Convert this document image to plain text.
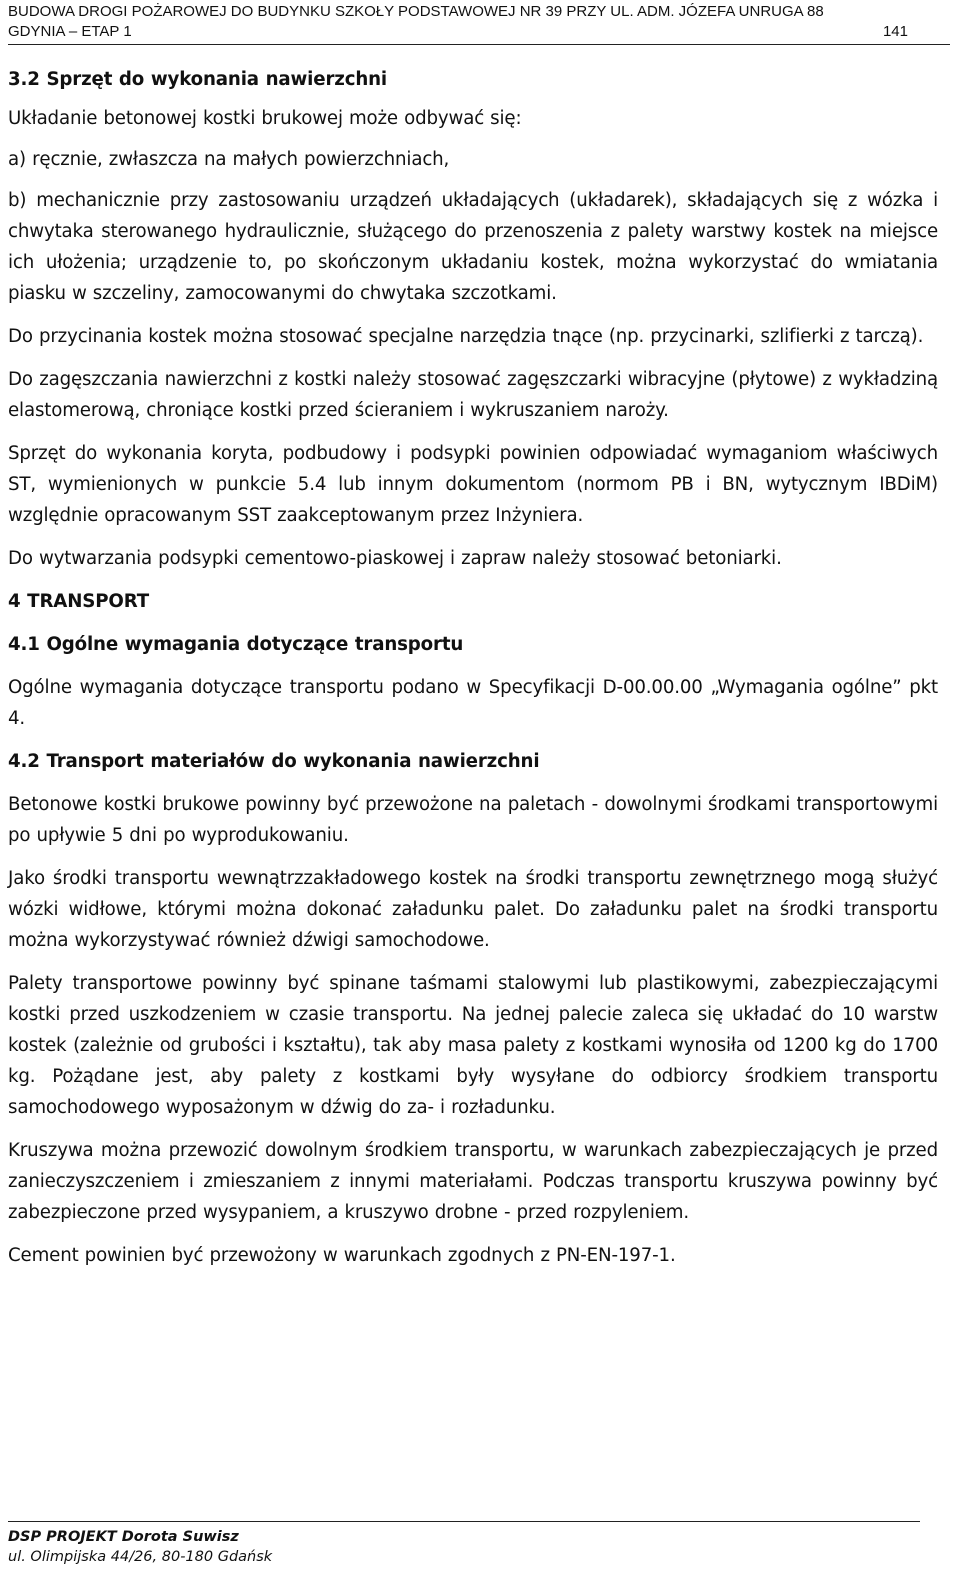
BUDOWA DROGI POŻAROWEJ DO BUDYNKU SZKOŁY PODSTAWOWEJ NR 39 PRZY UL. ADM. JÓZEFA UNRUGA 88
GDYNIA – ETAP 1	141
3.2 Sprzęt do wykonania nawierzchni

Układanie betonowej kostki brukowej może odbywać się:

a) ręcznie, zwłaszcza na małych powierzchniach,

b) mechanicznie przy zastosowaniu urządzeń układających (układarek), składających się z wózka i chwytaka sterowanego hydraulicznie, służącego do przenoszenia z palety warstwy kostek na miejsce ich ułożenia; urządzenie to, po skończonym układaniu kostek, można wykorzystać do wmiatania piasku w szczeliny, zamocowanymi do chwytaka szczotkami.

Do przycinania kostek można stosować specjalne narzędzia tnące (np. przycinarki, szlifierki z tarczą).

Do zagęszczania nawierzchni z kostki należy stosować zagęszczarki wibracyjne (płytowe) z wykładziną elastomerową, chroniące kostki przed ścieraniem i wykruszaniem naroży.

Sprzęt do wykonania koryta, podbudowy i podsypki powinien odpowiadać wymaganiom właściwych ST, wymienionych w punkcie 5.4 lub innym dokumentom (normom PB i BN, wytycznym IBDiM) względnie opracowanym SST zaakceptowanym przez Inżyniera.

Do wytwarzania podsypki cementowo-piaskowej i zapraw należy stosować betoniarki.

4 TRANSPORT
4.1 Ogólne wymagania dotyczące transportu

Ogólne wymagania dotyczące transportu podano w Specyfikacji D-00.00.00 „Wymagania ogólne” pkt 4.

4.2 Transport materiałów do wykonania nawierzchni

Betonowe kostki brukowe powinny być przewożone na paletach - dowolnymi środkami transportowymi po upływie 5 dni po wyprodukowaniu.

Jako środki transportu wewnątrzzakładowego kostek na środki transportu zewnętrznego mogą służyć wózki widłowe, którymi można dokonać załadunku palet. Do załadunku palet na środki transportu można wykorzystywać również dźwigi samochodowe.

Palety transportowe powinny być spinane taśmami stalowymi lub plastikowymi, zabezpieczającymi kostki przed uszkodzeniem w czasie transportu. Na jednej palecie zaleca się układać do 10 warstw kostek (zależnie od grubości i kształtu), tak aby masa palety z kostkami wynosiła od 1200 kg do 1700 kg. Pożądane jest, aby palety z kostkami były wysyłane do odbiorcy środkiem transportu samochodowego wyposażonym w dźwig do za- i rozładunku.

Kruszywa można przewozić dowolnym środkiem transportu, w warunkach zabezpieczających je przed zanieczyszczeniem i zmieszaniem z innymi materiałami. Podczas transportu kruszywa powinny być zabezpieczone przed wysypaniem, a kruszywo drobne - przed rozpyleniem.

Cement powinien być przewożony w warunkach zgodnych z PN-EN-197-1.

DSP PROJEKT Dorota Suwisz
ul. Olimpijska 44/26, 80-180 Gdańsk
